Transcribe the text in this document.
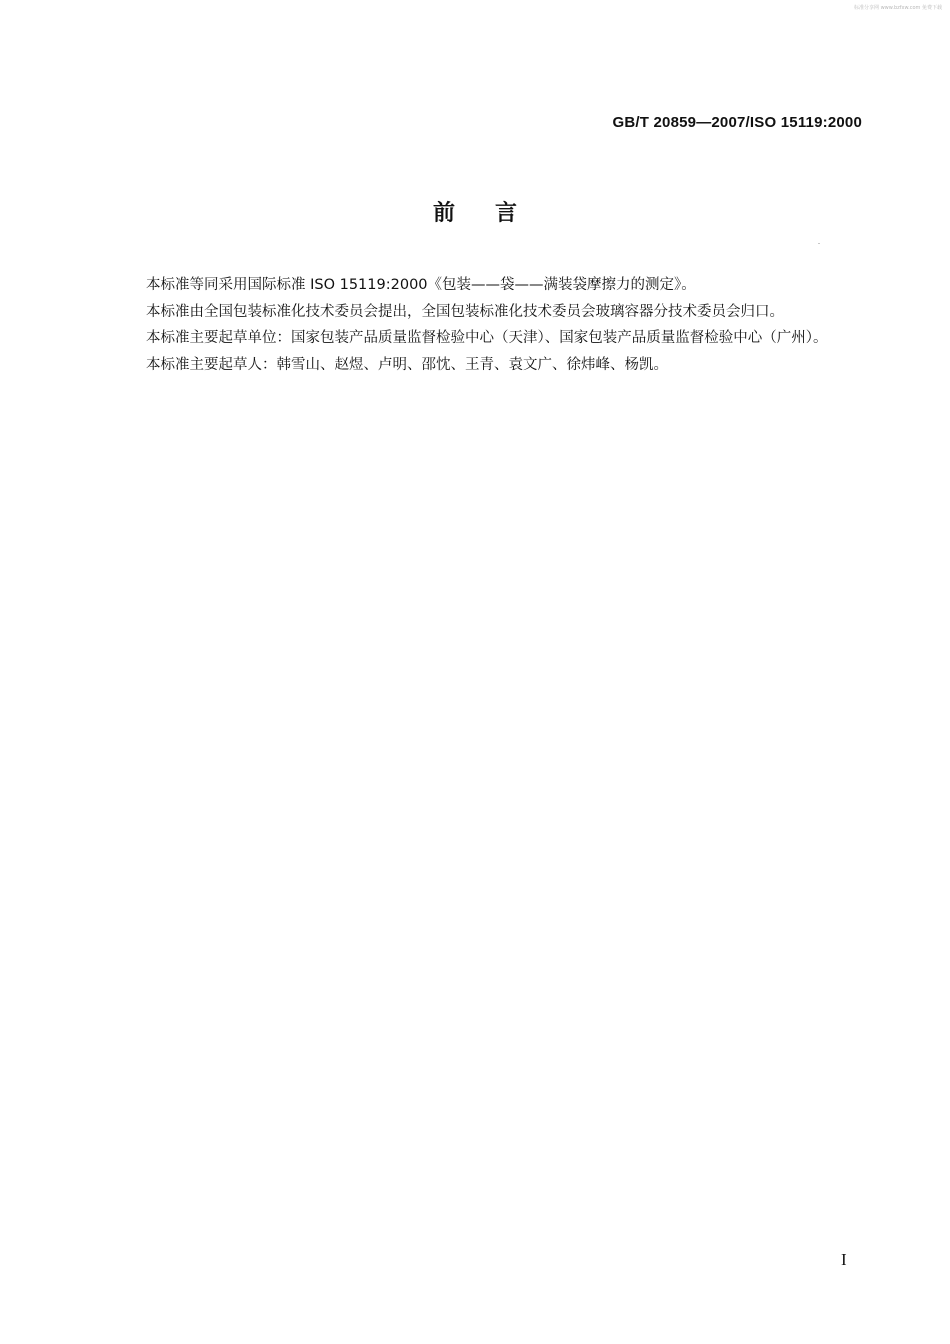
标准分享网 www.bzfxw.com 免费下载
GB/T 20859—2007/ISO 15119:2000
前言

本标准等同采用国际标准 ISO 15119:2000《包装——袋——满装袋摩擦力的测定》。

本标准由全国包装标准化技术委员会提出，全国包装标准化技术委员会玻璃容器分技术委员会归口。

本标准主要起草单位：国家包装产品质量监督检验中心（天津）、国家包装产品质量监督检验中心（广州）。

本标准主要起草人：韩雪山、赵煜、卢明、邵忱、王青、袁文广、徐炜峰、杨凯。

I
